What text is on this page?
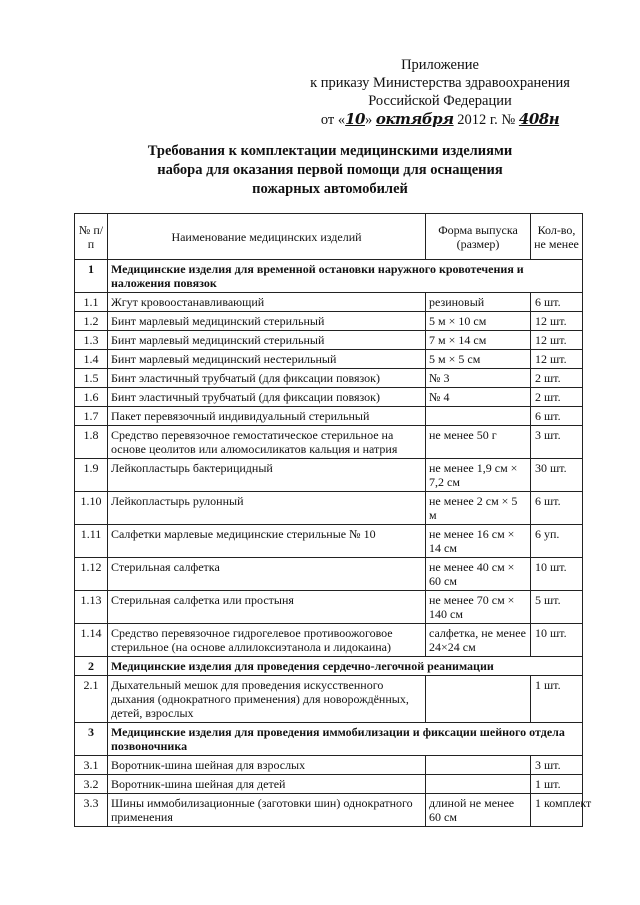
Приложение
к приказу Министерства здравоохранения
Российской Федерации
от «10» октября 2012 г. № 408н
Требования к комплектации медицинскими изделиями
набора для оказания первой помощи для оснащения
пожарных автомобилей
№ п/п	Наименование медицинских изделий	Форма выпуска (размер)	Кол-во, не менее
1	Медицинские изделия для временной остановки наружного кровотечения и наложения повязок		
1.1	Жгут кровоостанавливающий	резиновый	6 шт.
1.2	Бинт марлевый медицинский стерильный	5 м × 10 см	12 шт.
1.3	Бинт марлевый медицинский стерильный	7 м × 14 см	12 шт.
1.4	Бинт марлевый медицинский нестерильный	5 м × 5 см	12 шт.
1.5	Бинт эластичный трубчатый (для фиксации повязок)	№ 3	2 шт.
1.6	Бинт эластичный трубчатый (для фиксации повязок)	№ 4	2 шт.
1.7	Пакет перевязочный индивидуальный стерильный		6 шт.
1.8	Средство перевязочное гемостатическое стерильное на основе цеолитов или алюмосиликатов кальция и натрия	не менее 50 г	3 шт.
1.9	Лейкопластырь бактерицидный	не менее 1,9 см × 7,2 см	30 шт.
1.10	Лейкопластырь рулонный	не менее 2 см × 5 м	6 шт.
1.11	Салфетки марлевые медицинские стерильные № 10	не менее 16 см × 14 см	6 уп.
1.12	Стерильная салфетка	не менее 40 см × 60 см	10 шт.
1.13	Стерильная салфетка или простыня	не менее 70 см × 140 см	5 шт.
1.14	Средство перевязочное гидрогелевое противоожоговое стерильное (на основе аллилоксиэтанола и лидокаина)	салфетка, не менее 24×24 см	10 шт.
2	Медицинские изделия для проведения сердечно-легочной реанимации		
2.1	Дыхательный мешок для проведения искусственного дыхания (однократного применения) для новорождённых, детей, взрослых		1 шт.
3	Медицинские изделия для проведения иммобилизации и фиксации шейного отдела позвоночника		
3.1	Воротник-шина шейная для взрослых		3 шт.
3.2	Воротник-шина шейная для детей		1 шт.
3.3	Шины иммобилизационные (заготовки шин) однократного применения	длиной не менее 60 см	1 комплект
